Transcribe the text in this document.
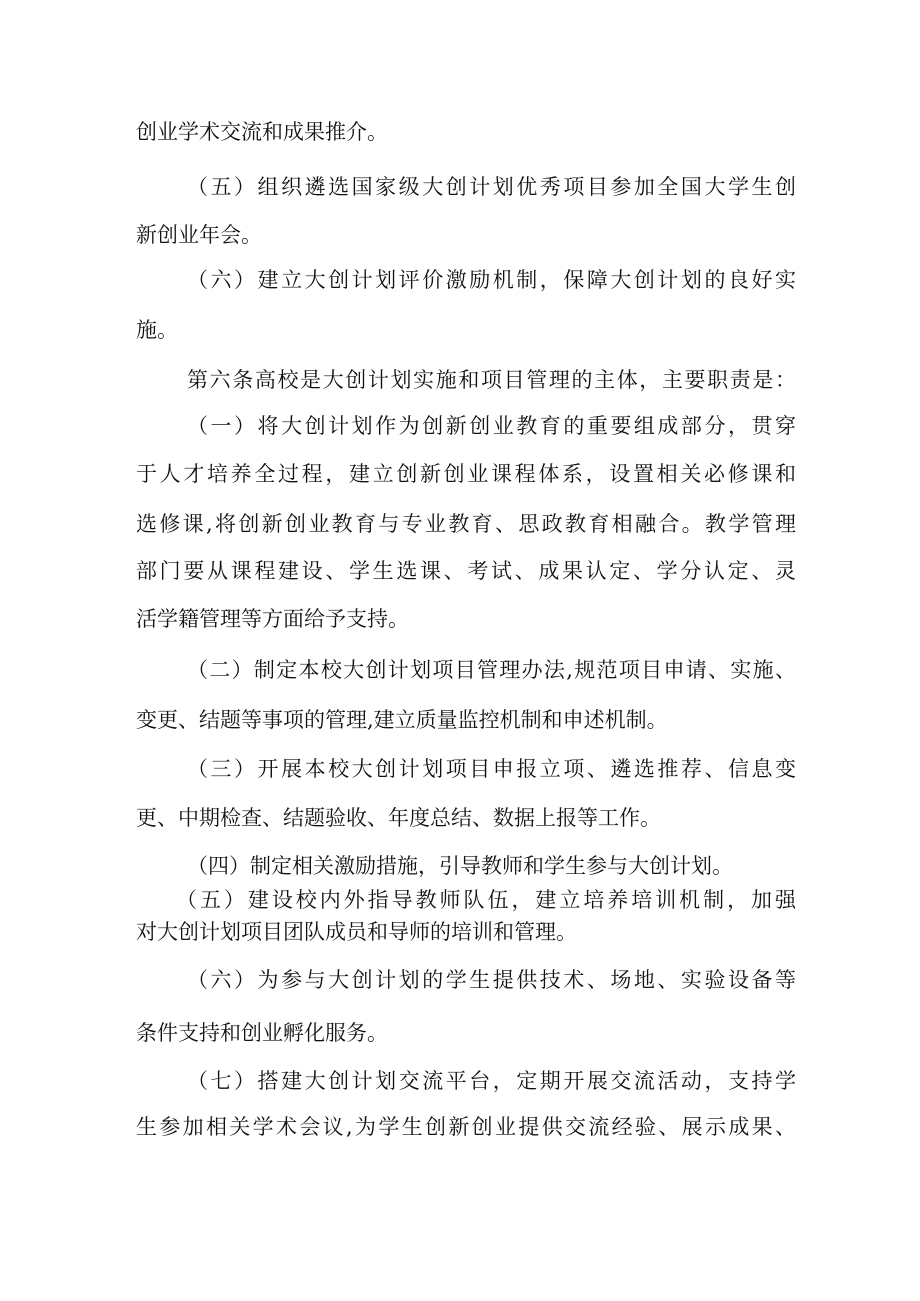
创业学术交流和成果推介。
（五）组织遴选国家级大创计划优秀项目参加全国大学生创
新创业年会。
（六）建立大创计划评价激励机制，保障大创计划的良好实
施。
第六条高校是大创计划实施和项目管理的主体，主要职责是：
（一）将大创计划作为创新创业教育的重要组成部分，贯穿
于人才培养全过程，建立创新创业课程体系，设置相关必修课和
选修课,将创新创业教育与专业教育、思政教育相融合。教学管理
部门要从课程建设、学生选课、考试、成果认定、学分认定、灵
活学籍管理等方面给予支持。
（二）制定本校大创计划项目管理办法,规范项目申请、实施、
变更、结题等事项的管理,建立质量监控机制和申述机制。
（三）开展本校大创计划项目申报立项、遴选推荐、信息变
更、中期检查、结题验收、年度总结、数据上报等工作。
（四）制定相关激励措施，引导教师和学生参与大创计划。
（五）建设校内外指导教师队伍，建立培养培训机制，加强
对大创计划项目团队成员和导师的培训和管理。
（六）为参与大创计划的学生提供技术、场地、实验设备等
条件支持和创业孵化服务。
（七）搭建大创计划交流平台，定期开展交流活动，支持学
生参加相关学术会议,为学生创新创业提供交流经验、展示成果、
